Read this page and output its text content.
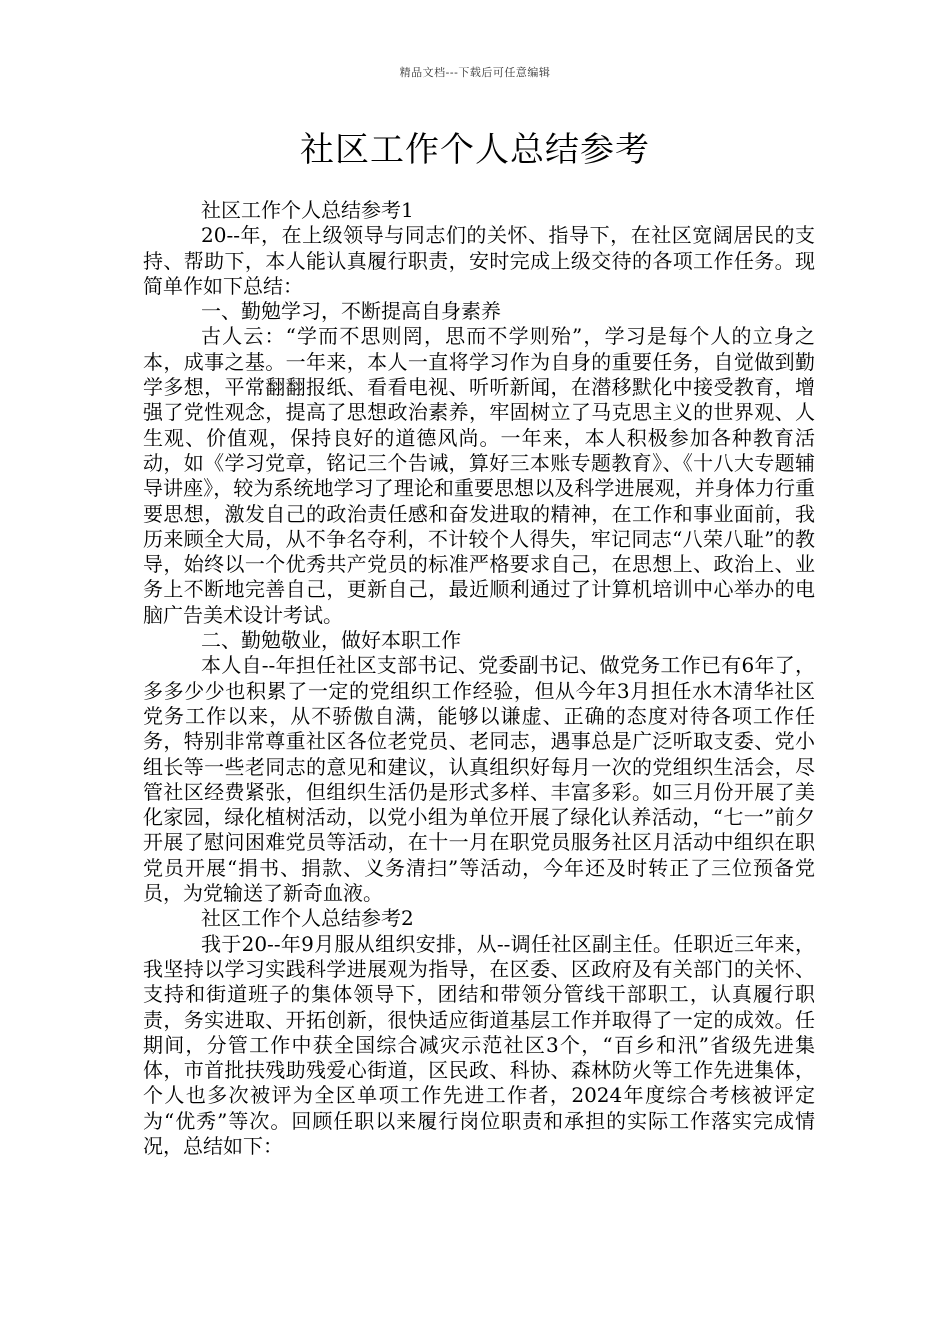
精品文档---下载后可任意编辑
社区工作个人总结参考

社区工作个人总结参考1

20--年，在上级领导与同志们的关怀、指导下，在社区宽阔居民的支持、帮助下，本人能认真履行职责，安时完成上级交待的各项工作任务。现简单作如下总结：

一、勤勉学习，不断提高自身素养

古人云：“学而不思则罔，思而不学则殆”，学习是每个人的立身之本，成事之基。一年来，本人一直将学习作为自身的重要任务，自觉做到勤学多想，平常翻翻报纸、看看电视、听听新闻，在潜移默化中接受教育，增强了党性观念，提高了思想政治素养，牢固树立了马克思主义的世界观、人生观、价值观，保持良好的道德风尚。一年来，本人积极参加各种教育活动，如《学习党章，铭记三个告诫，算好三本账专题教育》、《十八大专题辅导讲座》，较为系统地学习了理论和重要思想以及科学进展观，并身体力行重要思想，激发自己的政治责任感和奋发进取的精神，在工作和事业面前，我历来顾全大局，从不争名夺利，不计较个人得失，牢记同志“八荣八耻”的教导，始终以一个优秀共产党员的标准严格要求自己，在思想上、政治上、业务上不断地完善自己，更新自己，最近顺利通过了计算机培训中心举办的电脑广告美术设计考试。

二、勤勉敬业，做好本职工作

本人自--年担任社区支部书记、党委副书记、做党务工作已有6年了，多多少少也积累了一定的党组织工作经验，但从今年3月担任水木清华社区党务工作以来，从不骄傲自满，能够以谦虚、正确的态度对待各项工作任务，特别非常尊重社区各位老党员、老同志，遇事总是广泛听取支委、党小组长等一些老同志的意见和建议，认真组织好每月一次的党组织生活会，尽管社区经费紧张，但组织生活仍是形式多样、丰富多彩。如三月份开展了美化家园，绿化植树活动，以党小组为单位开展了绿化认养活动，“七一”前夕开展了慰问困难党员等活动，在十一月在职党员服务社区月活动中组织在职党员开展“捐书、捐款、义务清扫”等活动，今年还及时转正了三位预备党员，为党输送了新奇血液。

社区工作个人总结参考2

我于20--年9月服从组织安排，从--调任社区副主任。任职近三年来，我坚持以学习实践科学进展观为指导，在区委、区政府及有关部门的关怀、支持和街道班子的集体领导下，团结和带领分管线干部职工，认真履行职责，务实进取、开拓创新，很快适应街道基层工作并取得了一定的成效。任期间，分管工作中获全国综合减灾示范社区3个，“百乡和汛”省级先进集体，市首批扶残助残爱心街道，区民政、科协、森林防火等工作先进集体，个人也多次被评为全区单项工作先进工作者，2024年度综合考核被评定为“优秀”等次。回顾任职以来履行岗位职责和承担的实际工作落实完成情况，总结如下：
